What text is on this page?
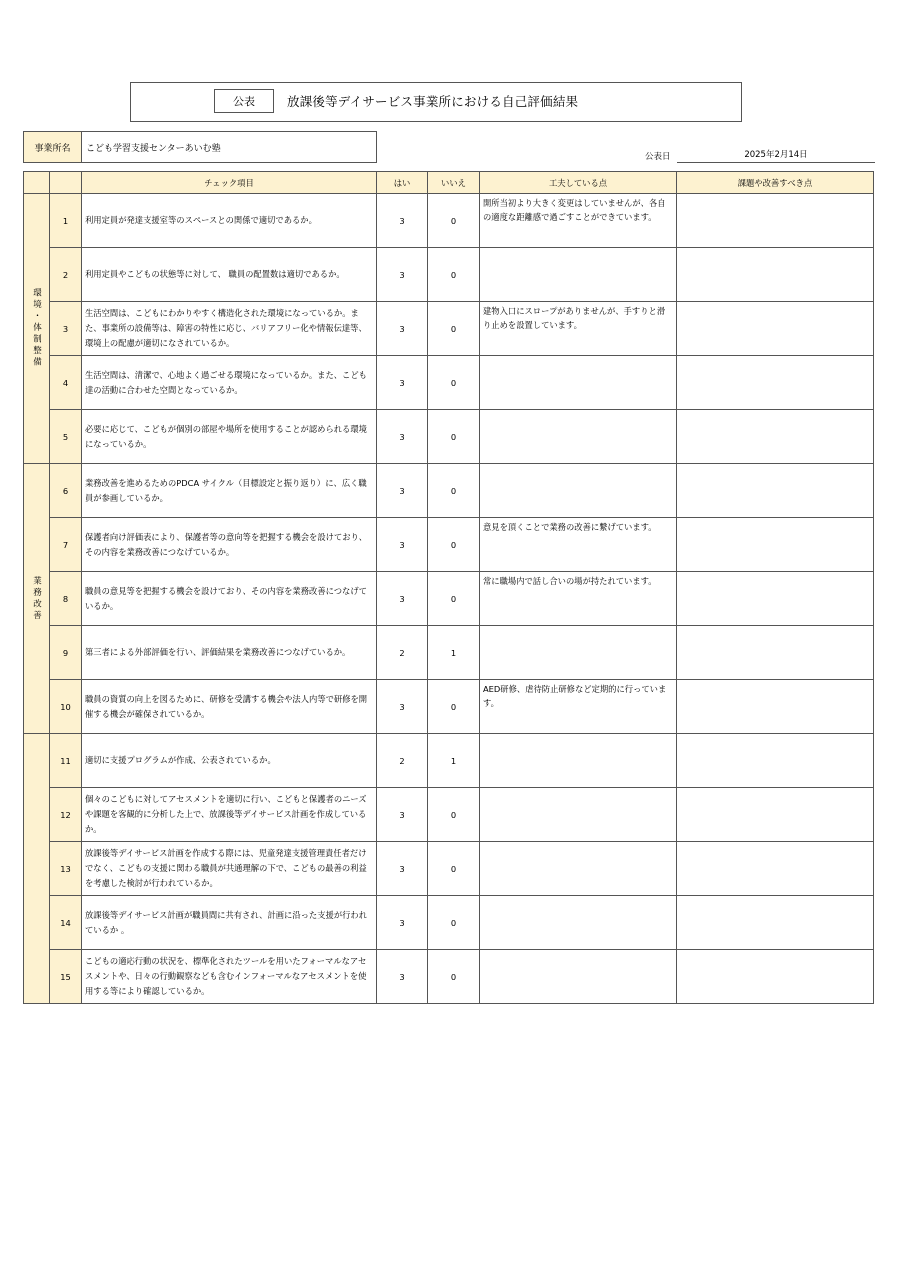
公表	放課後等デイサービス事業所における自己評価結果
事業所名	こども学習支援センターあいむ塾
公表日	2025年2月14日
		チェック項目	はい	いいえ	工夫している点	課題や改善すべき点
環境・体制整備	1	利用定員が発達支援室等のスペースとの関係で適切であるか。	3	0	開所当初より大きく変更はしていませんが、各自の適度な距離感で過ごすことができています。	
	2	利用定員やこどもの状態等に対して、 職員の配置数は適切であるか。	3	0		
	3	生活空間は、こどもにわかりやすく構造化された環境になっているか。また、事業所の設備等は、障害の特性に応じ、バリアフリー化や情報伝達等、環境上の配慮が適切になされているか。	3	0	建物入口にスロープがありませんが、手すりと滑り止めを設置しています。	
	4	生活空間は、清潔で、心地よく過ごせる環境になっているか。また、こども達の活動に合わせた空間となっているか。	3	0		
	5	必要に応じて、こどもが個別の部屋や場所を使用することが認められる環境になっているか。	3	0		
業務改善	6	業務改善を進めるためのPDCA サイクル（目標設定と振り返り）に、広く職員が参画しているか。	3	0		
	7	保護者向け評価表により、保護者等の意向等を把握する機会を設けており、その内容を業務改善につなげているか。	3	0	意見を頂くことで業務の改善に繋げています。	
	8	職員の意見等を把握する機会を設けており、その内容を業務改善につなげているか。	3	0	常に職場内で話し合いの場が持たれています。	
	9	第三者による外部評価を行い、評価結果を業務改善につなげているか。	2	1		
	10	職員の資質の向上を図るために、研修を受講する機会や法人内等で研修を開催する機会が確保されているか。	3	0	AED研修、虐待防止研修など定期的に行っています。	
	11	適切に支援プログラムが作成、公表されているか。	2	1		
	12	個々のこどもに対してアセスメントを適切に行い、こどもと保護者のニーズや課題を客観的に分析した上で、放課後等デイサービス計画を作成しているか。	3	0		
	13	放課後等デイサービス計画を作成する際には、児童発達支援管理責任者だけでなく、こどもの支援に関わる職員が共通理解の下で、こどもの最善の利益を考慮した検討が行われているか。	3	0		
	14	放課後等デイサービス計画が職員間に共有され、計画に沿った支援が行われているか 。	3	0		
	15	こどもの適応行動の状況を、標準化されたツールを用いたフォーマルなアセスメントや、日々の行動観察なども含むインフォーマルなアセスメントを使用する等により確認しているか。	3	0		
